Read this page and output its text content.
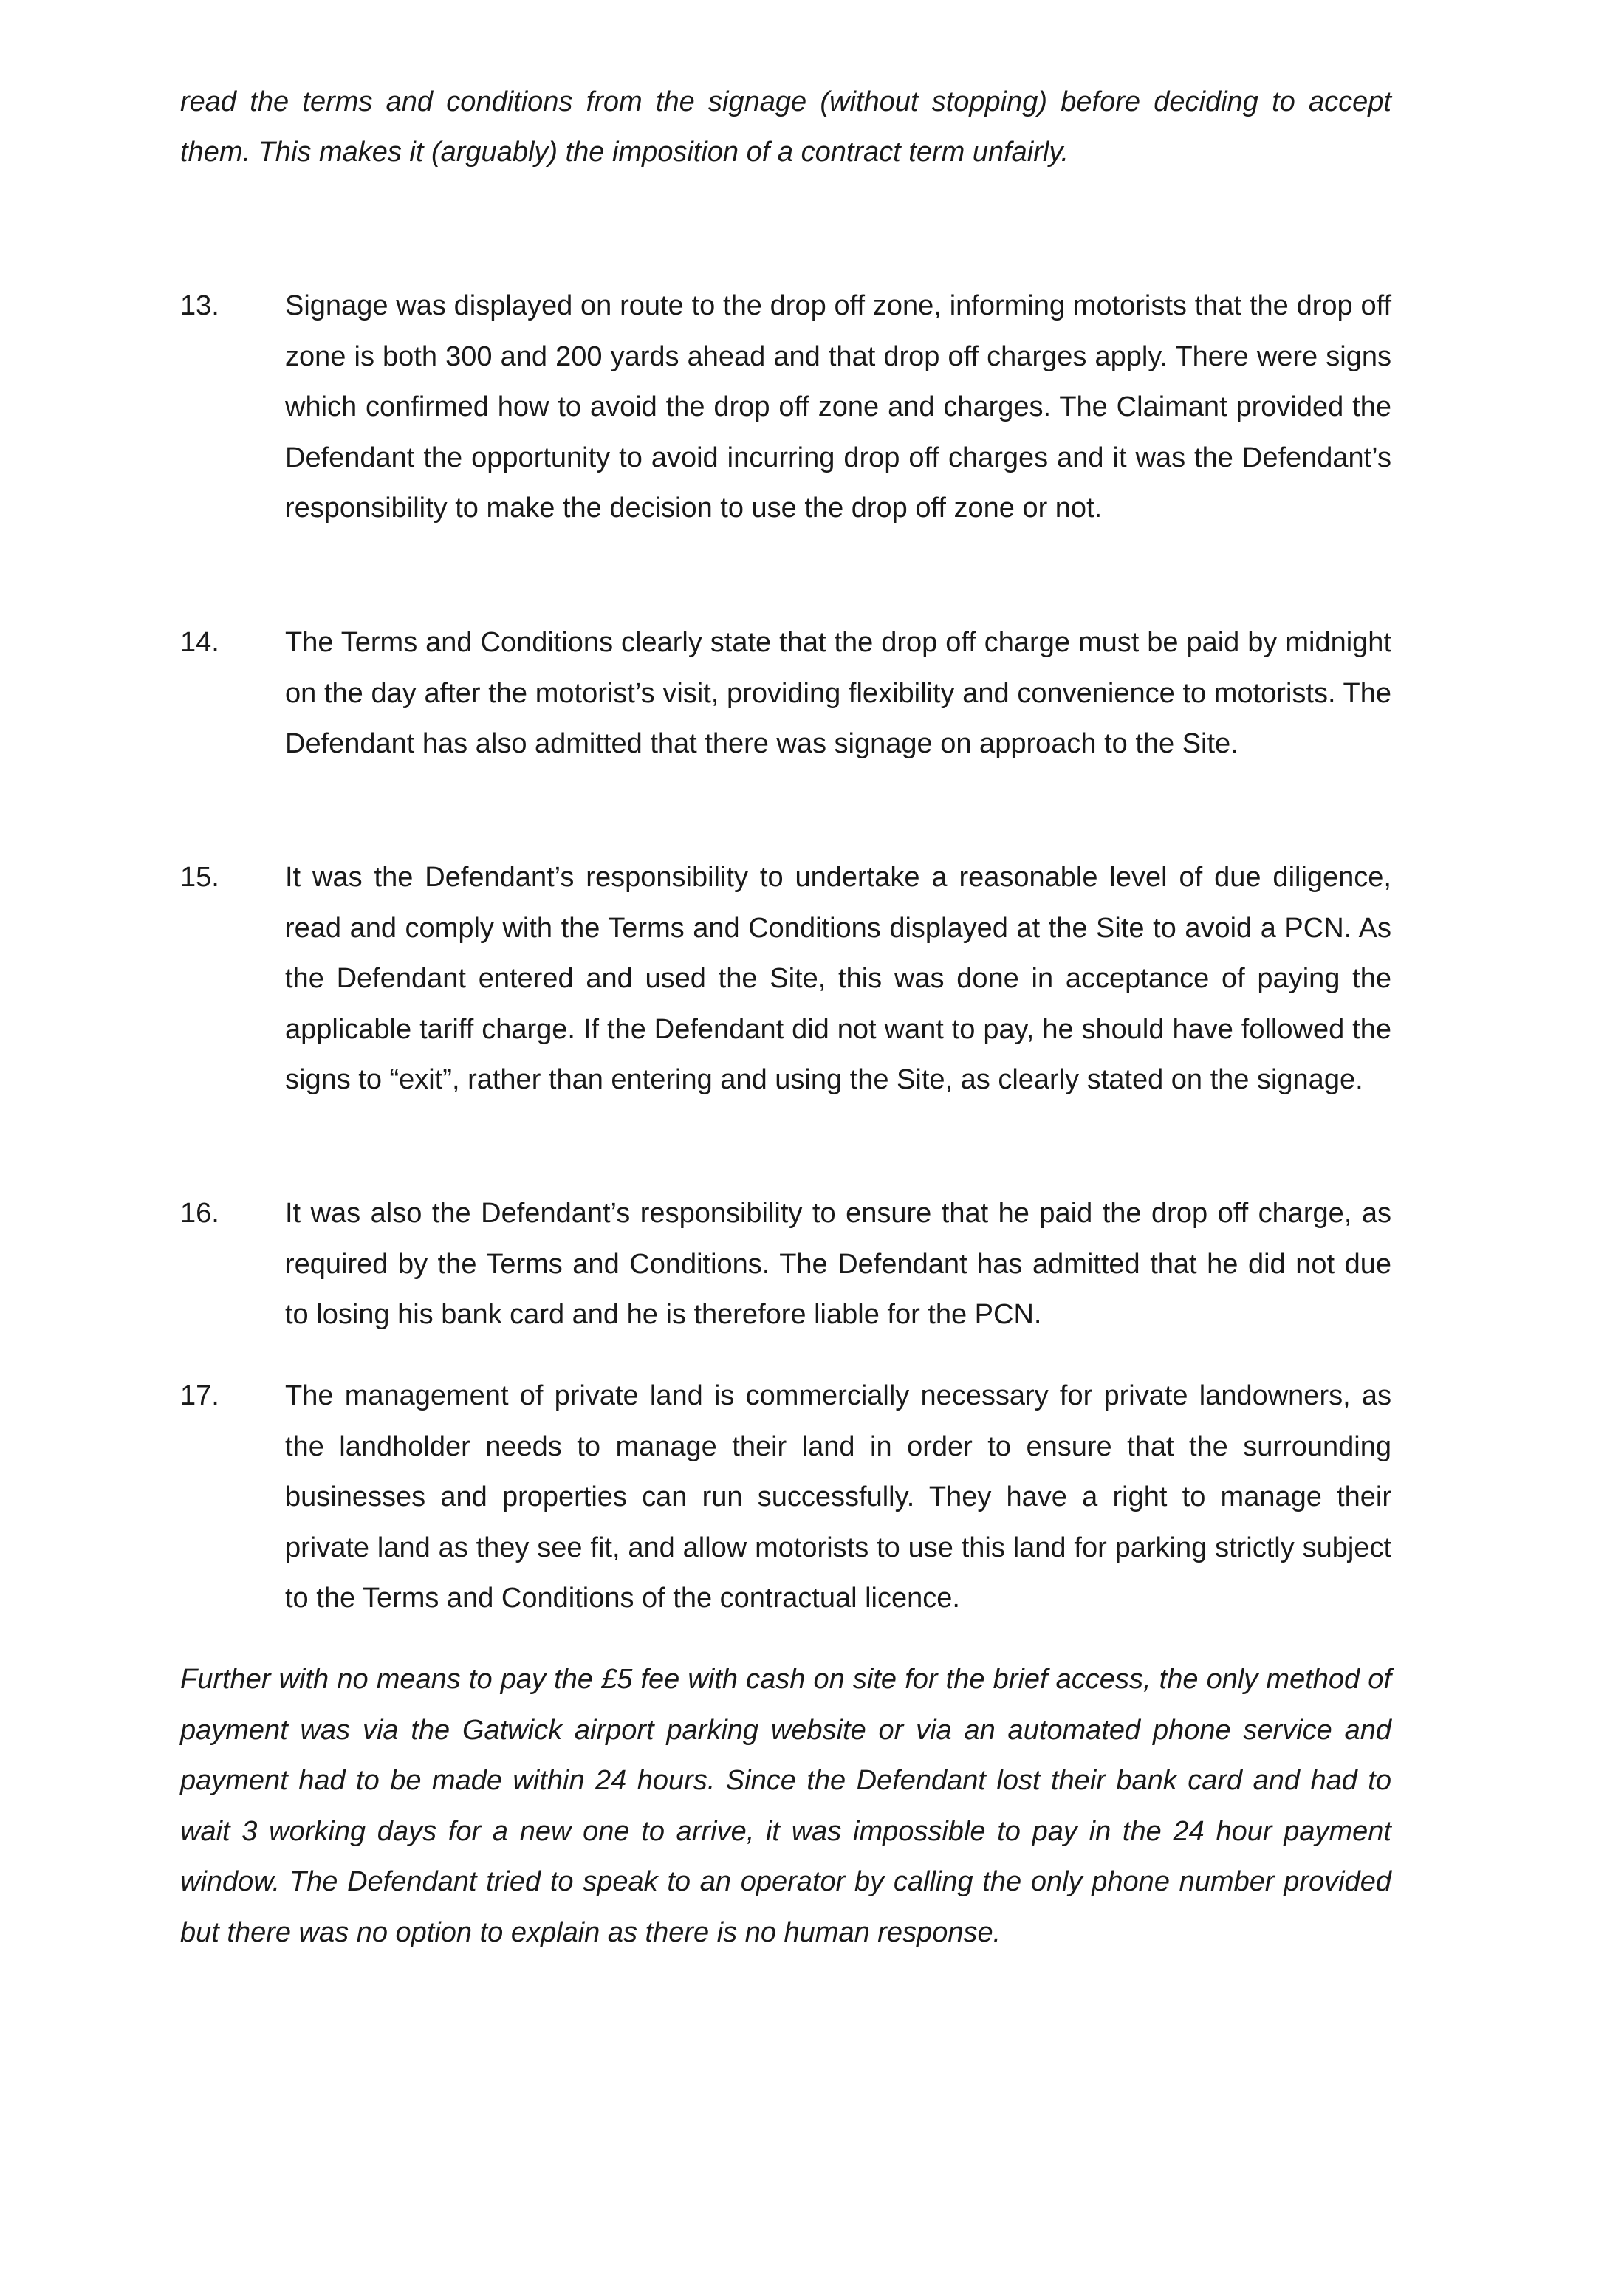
read the terms and conditions from the signage (without stopping) before deciding to accept them. This makes it (arguably) the imposition of a contract term unfairly.

13.	Signage was displayed on route to the drop off zone, informing motorists that the drop off zone is both 300 and 200 yards ahead and that drop off charges apply. There were signs which confirmed how to avoid the drop off zone and charges. The Claimant provided the Defendant the opportunity to avoid incurring drop off charges and it was the Defendant’s responsibility to make the decision to use the drop off zone or not.

14.	The Terms and Conditions clearly state that the drop off charge must be paid by midnight on the day after the motorist’s visit, providing flexibility and convenience to motorists. The Defendant has also admitted that there was signage on approach to the Site.

15.	It was the Defendant’s responsibility to undertake a reasonable level of due diligence, read and comply with the Terms and Conditions displayed at the Site to avoid a PCN. As the Defendant entered and used the Site, this was done in acceptance of paying the applicable tariff charge. If the Defendant did not want to pay, he should have followed the signs to “exit”, rather than entering and using the Site, as clearly stated on the signage.

16.	It was also the Defendant’s responsibility to ensure that he paid the drop off charge, as required by the Terms and Conditions. The Defendant has admitted that he did not due to losing his bank card and he is therefore liable for the PCN.

17.	The management of private land is commercially necessary for private landowners, as the landholder needs to manage their land in order to ensure that the surrounding businesses and properties can run successfully. They have a right to manage their private land as they see fit, and allow motorists to use this land for parking strictly subject to the Terms and Conditions of the contractual licence.

Further with no means to pay the £5 fee with cash on site for the brief access, the only method of payment was via the Gatwick airport parking website or via an automated phone service and payment had to be made within 24 hours. Since the Defendant lost their bank card and had to wait 3 working days for a new one to arrive, it was impossible to pay in the 24 hour payment window. The Defendant tried to speak to an operator by calling the only phone number provided but there was no option to explain as there is no human response.
